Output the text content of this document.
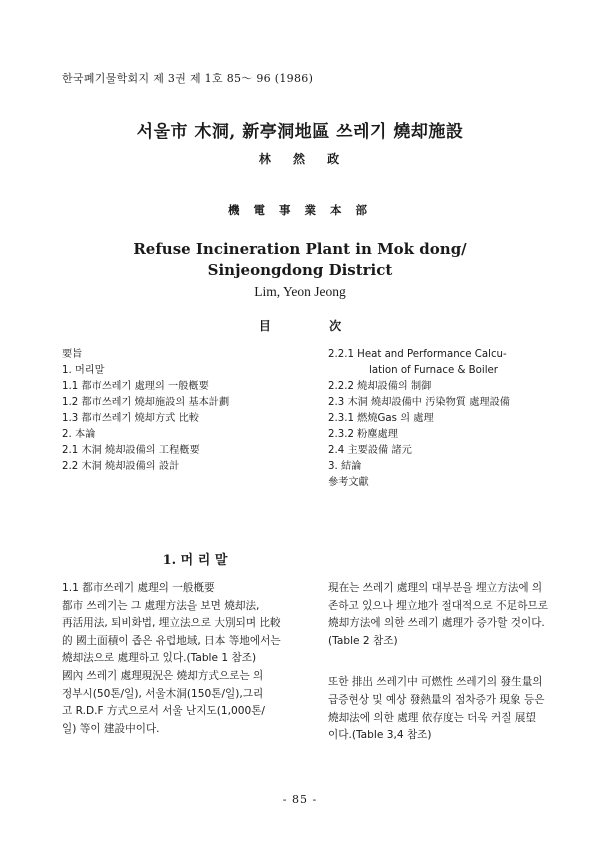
한국폐기물학회지 제 3권 제 1호 85～ 96 (1986)
서울市 木洞, 新亭洞地區 쓰레기 燒却施設
林 然 政
機 電 事 業 本 部
Refuse Incineration Plant in Mok dong/
Sinjeongdong District
Lim, Yeon Jeong
目 次
要旨
1. 머리말
1.1 都市쓰레기 處理의 一般槪要
1.2 都市쓰레기 燒却施設의 基本計劃
1.3 都市쓰레기 燒却方式 比較
2. 本論
2.1 木洞 燒却設備의 工程槪要
2.2 木洞 燒却設備의 設計
2.2.1 Heat and Performance Calcu-
lation of Furnace & Boiler
2.2.2 燒却設備의 制御
2.3 木洞 燒却設備中 汚染物質 處理設備
2.3.1 燃燒Gas 의 處理
2.3.2 粉塵處理
2.4 主要設備 諸元
3. 結論
參考文獻
1. 머 리 말

1.1 都市쓰레기 處理의 一般槪要

都市 쓰레기는 그 處理方法을 보면 燒却法,

再活用法, 퇴비화법, 埋立法으로 大別되며 比較

的 國土面積이 좁은 유럽地域, 日本 等地에서는

燒却法으로 處理하고 있다.(Table 1 참조)

國內 쓰레기 處理現況은 燒却方式으로는 의

정부시(50톤/일), 서울木洞(150톤/일),그리

고 R.D.F 方式으로서 서울 난지도(1,000톤/

일) 等이 建設中이다.

現在는 쓰레기 處理의 대부분을 埋立方法에 의

존하고 있으나 埋立地가 절대적으로 不足하므로

燒却方法에 의한 쓰레기 處理가 증가할 것이다.

(Table 2 참조)

또한 排出 쓰레기中 可燃性 쓰레기의 發生量의

급증현상 및 예상 發熱量의 점차증가 現象 등은

燒却法에 의한 處理 依存度는 더욱 커질 展望

이다.(Table 3,4 참조)

- 85 -
